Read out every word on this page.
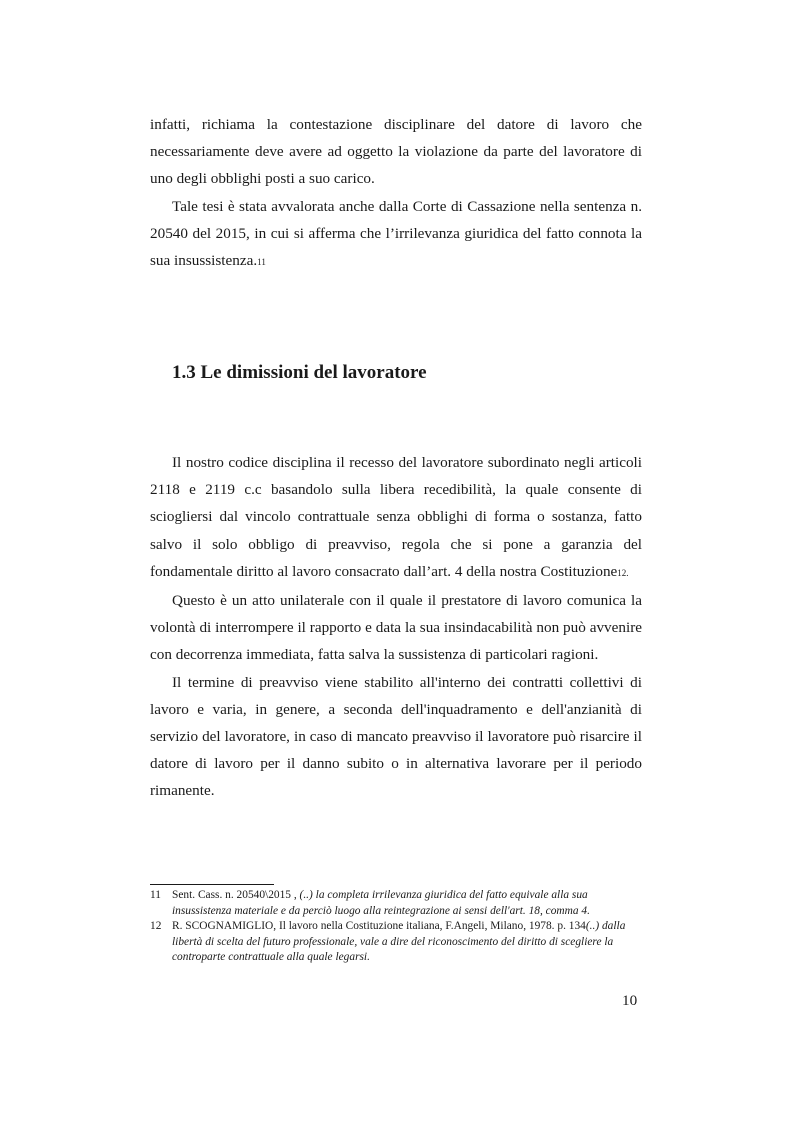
infatti, richiama la contestazione disciplinare del datore di lavoro che necessariamente deve avere ad oggetto la violazione da parte del lavoratore di uno degli obblighi posti a suo carico.

Tale tesi è stata avvalorata anche dalla Corte di Cassazione nella sentenza n. 20540 del 2015, in cui si afferma che l’irrilevanza giuridica del fatto connota la sua insussistenza.11

1.3 Le dimissioni del lavoratore

Il nostro codice disciplina il recesso del lavoratore subordinato negli articoli 2118 e 2119 c.c basandolo sulla libera recedibilità, la quale consente di sciogliersi dal vincolo contrattuale senza obblighi di forma o sostanza, fatto salvo il solo obbligo di preavviso, regola che si pone a garanzia del fondamentale diritto al lavoro consacrato dall’art. 4 della nostra Costituzione12.

Questo è un atto unilaterale con il quale il prestatore di lavoro comunica la volontà di interrompere il rapporto e data la sua insindacabilità non può avvenire con decorrenza immediata, fatta salva la sussistenza di particolari ragioni.

Il termine di preavviso viene stabilito all'interno dei contratti collettivi di lavoro e varia, in genere, a seconda dell'inquadramento e dell'anzianità di servizio del lavoratore, in caso di mancato preavviso il lavoratore può risarcire il datore di lavoro per il danno subito o in alternativa lavorare per il periodo rimanente.

11 Sent. Cass. n. 20540\2015 , (..) la completa irrilevanza giuridica del fatto equivale alla sua insussistenza materiale e da perciò luogo alla reintegrazione ai sensi dell'art. 18, comma 4.
12 R. SCOGNAMIGLIO, Il lavoro nella Costituzione italiana, F.Angeli, Milano, 1978. p. 134(..) dalla libertà di scelta del futuro professionale, vale a dire del riconoscimento del diritto di scegliere la controparte contrattuale alla quale legarsi.
10
